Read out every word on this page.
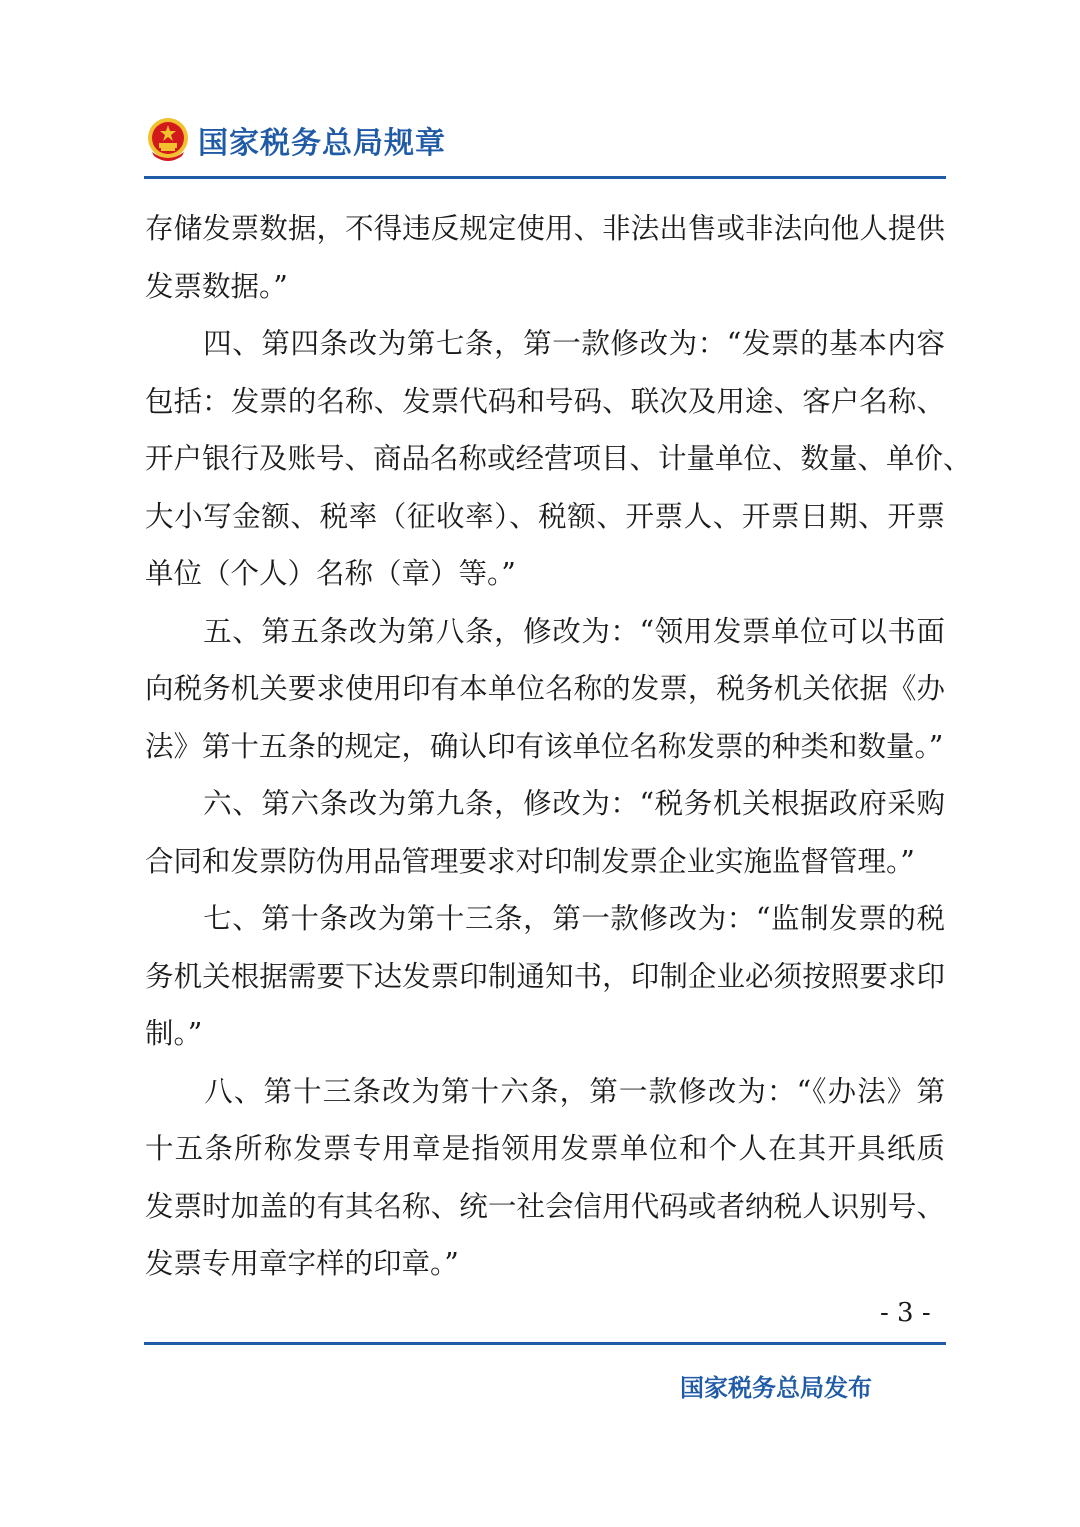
国家税务总局规章
存储发票数据，不得违反规定使用、非法出售或非法向他人提供
发票数据。”
　　四、第四条改为第七条，第一款修改为：“发票的基本内容
包括：发票的名称、发票代码和号码、联次及用途、客户名称、
开户银行及账号、商品名称或经营项目、计量单位、数量、单价、
大小写金额、税率（征收率）、税额、开票人、开票日期、开票
单位（个人）名称（章）等。”
　　五、第五条改为第八条，修改为：“领用发票单位可以书面
向税务机关要求使用印有本单位名称的发票，税务机关依据《办
法》第十五条的规定，确认印有该单位名称发票的种类和数量。”
　　六、第六条改为第九条，修改为：“税务机关根据政府采购
合同和发票防伪用品管理要求对印制发票企业实施监督管理。”
　　七、第十条改为第十三条，第一款修改为：“监制发票的税
务机关根据需要下达发票印制通知书，印制企业必须按照要求印
制。”
　　八、第十三条改为第十六条，第一款修改为：“《办法》第
十五条所称发票专用章是指领用发票单位和个人在其开具纸质
发票时加盖的有其名称、统一社会信用代码或者纳税人识别号、
发票专用章字样的印章。”
- 3 -
国家税务总局发布
